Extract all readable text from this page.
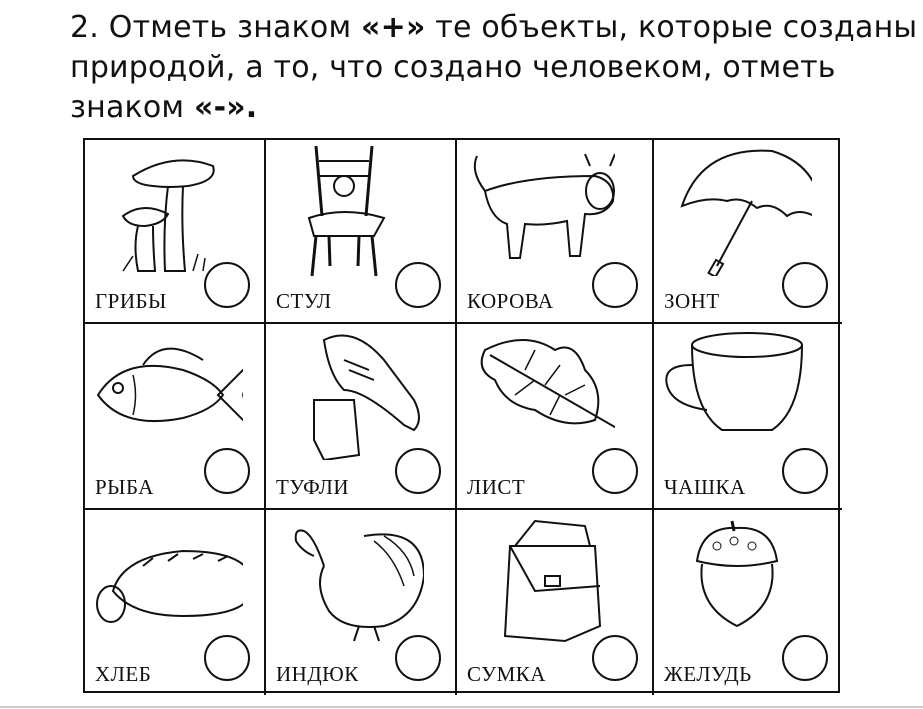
2. Отметь знаком «+» те объекты, которые созданы природой, а то, что создано человеком, отметь знаком «-».
ГРИБЫ	СТУЛ	КОРОВА	ЗОНТ
РЫБА	ТУФЛИ	ЛИСТ	ЧАШКА
ХЛЕБ	ИНДЮК	СУМКА	ЖЕЛУДЬ
